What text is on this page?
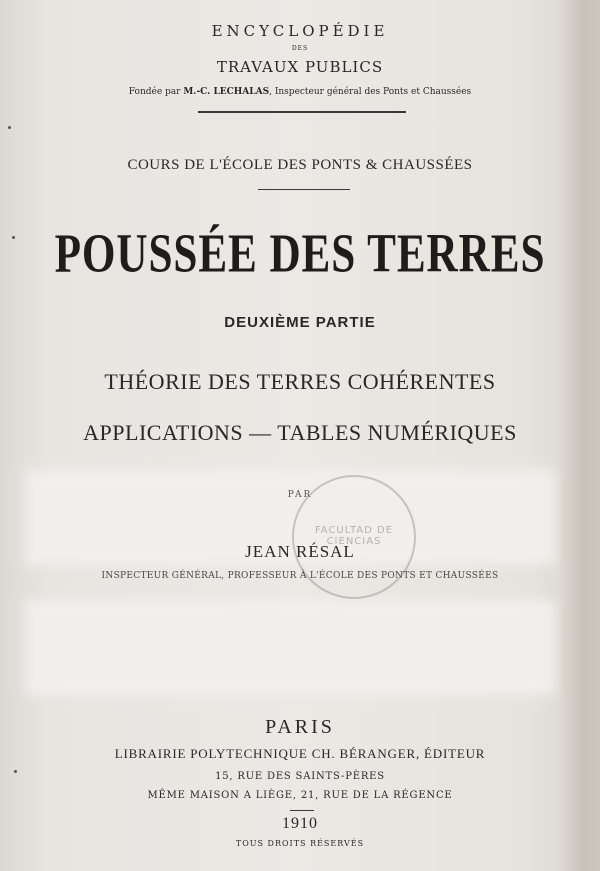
ENCYCLOPÉDIE
DES
TRAVAUX PUBLICS
Fondée par M.-C. LECHALAS, Inspecteur général des Ponts et Chaussées
COURS DE L'ÉCOLE DES PONTS & CHAUSSÉES
POUSSÉE DES TERRES
DEUXIÈME PARTIE
THÉORIE DES TERRES COHÉRENTES
APPLICATIONS — TABLES NUMÉRIQUES
FACULTAD DE CIENCIAS
PAR
JEAN RÉSAL
INSPECTEUR GÉNÉRAL, PROFESSEUR À L'ÉCOLE DES PONTS ET CHAUSSÉES
PARIS
LIBRAIRIE POLYTECHNIQUE CH. BÉRANGER, ÉDITEUR
15, RUE DES SAINTS-PÈRES
MÊME MAISON A LIÈGE, 21, RUE DE LA RÉGENCE
1910
TOUS DROITS RÉSERVÉS
